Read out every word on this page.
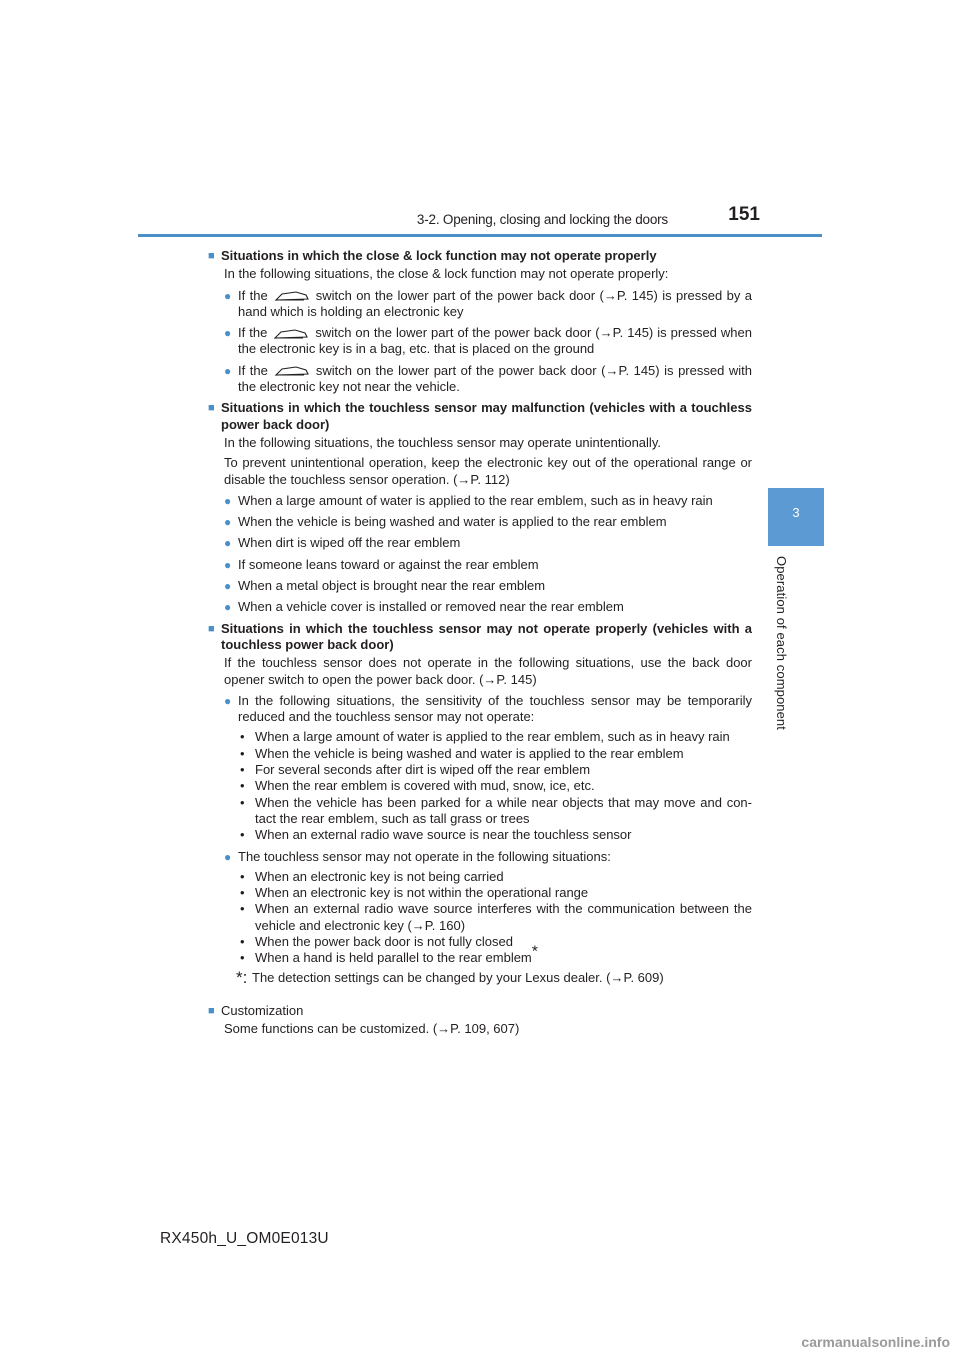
3-2. Opening, closing and locking the doors	151
3
Operation of each component
■ Situations in which the close & lock function may not operate properly
In the following situations, the close & lock function may not operate properly:
● If the	switch on the lower part of the power back door (→P. 145) is pressed by a hand which is holding an electronic key
● If the	switch on the lower part of the power back door (→P. 145) is pressed when the electronic key is in a bag, etc. that is placed on the ground
● If the	switch on the lower part of the power back door (→P. 145) is pressed with the electronic key not near the vehicle.
■ Situations in which the touchless sensor may malfunction (vehicles with a touchless power back door)
In the following situations, the touchless sensor may operate unintentionally.
To prevent unintentional operation, keep the electronic key out of the operational range or disable the touchless sensor operation. (→P. 112)
● When a large amount of water is applied to the rear emblem, such as in heavy rain
● When the vehicle is being washed and water is applied to the rear emblem
● When dirt is wiped off the rear emblem
● If someone leans toward or against the rear emblem
● When a metal object is brought near the rear emblem
● When a vehicle cover is installed or removed near the rear emblem
■ Situations in which the touchless sensor may not operate properly (vehicles with a touchless power back door)
If the touchless sensor does not operate in the following situations, use the back door opener switch to open the power back door. (→P. 145)
● In the following situations, the sensitivity of the touchless sensor may be temporarily reduced and the touchless sensor may not operate:
• When a large amount of water is applied to the rear emblem, such as in heavy rain
• When the vehicle is being washed and water is applied to the rear emblem
• For several seconds after dirt is wiped off the rear emblem
• When the rear emblem is covered with mud, snow, ice, etc.
• When the vehicle has been parked for a while near objects that may move and con-tact the rear emblem, such as tall grass or trees
• When an external radio wave source is near the touchless sensor
● The touchless sensor may not operate in the following situations:
• When an electronic key is not being carried
• When an electronic key is not within the operational range
• When an external radio wave source interferes with the communication between the vehicle and electronic key (→P. 160)
• When the power back door is not fully closed
• When a hand is held parallel to the rear emblem*
*: The detection settings can be changed by your Lexus dealer. (→P. 609)
■ Customization
Some functions can be customized. (→P. 109, 607)
RX450h_U_OM0E013U
carmanualsonline.info
